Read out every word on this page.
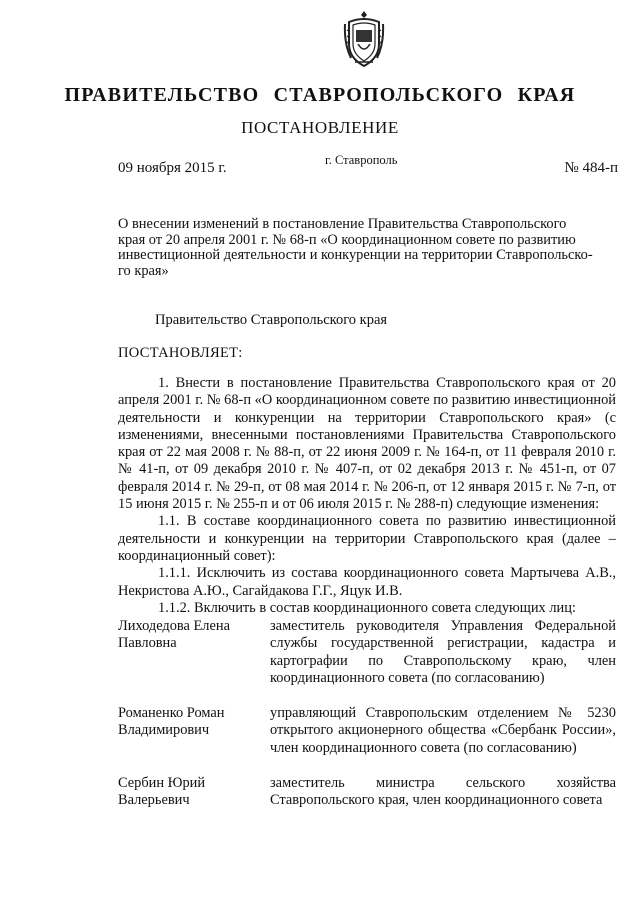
ПРАВИТЕЛЬСТВО СТАВРОПОЛЬСКОГО КРАЯ
ПОСТАНОВЛЕНИЕ
09 ноября 2015 г.	г. Ставрополь	№ 484-п

О внесении изменений в постановление Правительства Ставропольского
края от 20 апреля 2001 г. № 68-п «О координационном совете по развитию
инвестиционной деятельности и конкуренции на территории Ставропольско-
го края»

Правительство Ставропольского края
ПОСТАНОВЛЯЕТ:

1. Внести в постановление Правительства Ставропольского края от 20 апреля 2001 г. № 68-п «О координационном совете по развитию инвестиционной деятельности и конкуренции на территории Ставропольского края» (с изменениями, внесенными постановлениями Правительства Ставропольского края от 22 мая 2008 г. № 88-п, от 22 июня 2009 г. № 164-п, от 11 февраля 2010 г. № 41-п, от 09 декабря 2010 г. № 407-п, от 02 декабря 2013 г. № 451-п, от 07 февраля 2014 г. № 29-п, от 08 мая 2014 г. № 206-п, от 12 января 2015 г. № 7-п, от 15 июня 2015 г. № 255-п и от 06 июля 2015 г. № 288-п) следующие изменения:

1.1. В составе координационного совета по развитию инвестиционной деятельности и конкуренции на территории Ставропольского края (далее – координационный совет):

1.1.1. Исключить из состава координационного совета Мартычева А.В., Некристова А.Ю., Сагайдакова Г.Г., Яцук И.В.

1.1.2. Включить в состав координационного совета следующих лиц:

Лиходедова Елена Павловна
заместитель руководителя Управления Федеральной службы государственной регистрации, кадастра и картографии по Ставропольскому краю, член координационного совета (по согласованию)
Романенко Роман Владимирович
управляющий Ставропольским отделением № 5230 открытого акционерного общества «Сбербанк России», член координационного совета (по согласованию)
Сербин Юрий Валерьевич
заместитель министра сельского хозяйства Ставропольского края, член координационного совета
